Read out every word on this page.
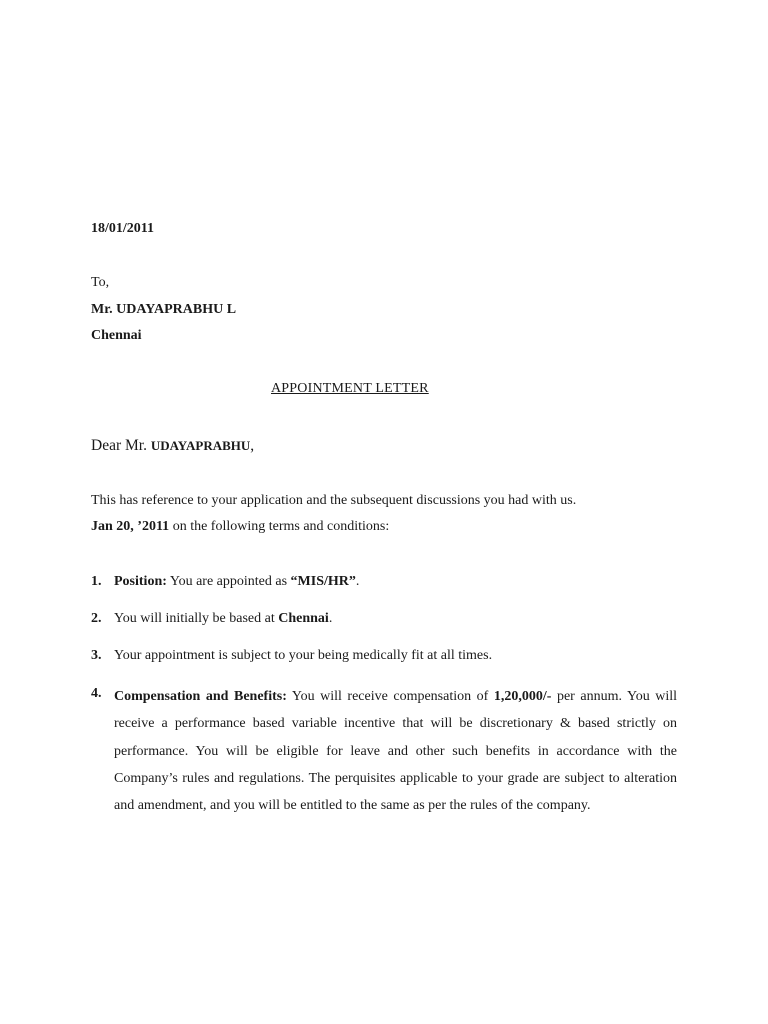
18/01/2011
To,
Mr. UDAYAPRABHU L
Chennai
APPOINTMENT LETTER
Dear Mr. UDAYAPRABHU,
This has reference to your application and the subsequent discussions you had with us.
Jan 20, ’2011 on the following terms and conditions:
1. Position: You are appointed as “MIS/HR”.
2. You will initially be based at Chennai.
3. Your appointment is subject to your being medically fit at all times.
4. Compensation and Benefits: You will receive compensation of 1,20,000/- per annum. You will receive a performance based variable incentive that will be discretionary & based strictly on performance. You will be eligible for leave and other such benefits in accordance with the Company’s rules and regulations. The perquisites applicable to your grade are subject to alteration and amendment, and you will be entitled to the same as per the rules of the company.
